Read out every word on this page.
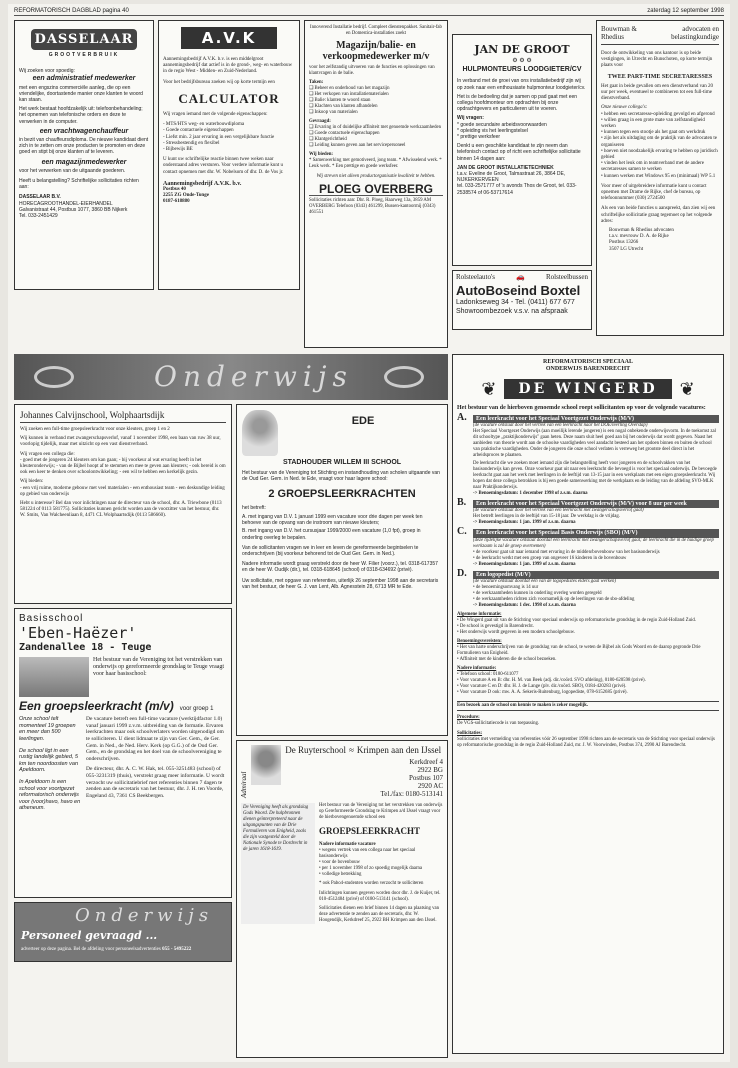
REFORMATORISCH DAGBLAD pagina 40	zaterdag 12 september 1998
DASSELAAR
GROOTVERBRUIK
Wij zoeken voor spoedig:
een administratief medewerker
met een engszins commerciële aanleg, die op een vriendelijke, doortastende manier onze klanten te woord kan staan.
Het werk bestaat hoofdzakelijk uit: telefoonbehandeling; het opnemen van telefonische orders en deze te verwerken in de computer.
een vrachtwagenchauffeur
in bezit van chauffeursdiploma. De nieuwe kandidaat dient zich in te zetten om onze producten te promoten en deze goed en stipt bij onze klanten af te leveren.
een magazijnmedewerker
voor het verwerken van de uitgaande goederen.
Heeft u belangstelling? Schriftelijke sollicitaties richten aan:
DASSELAAR B.V.
HORECAGROOTHANDEL-EIERHANDEL
Galvanistraat 44, Postbus 1077, 3860 BB Nijkerk
Tel. 033-2451429
A.V.K
Aannemingsbedrijf A.V.K. b.v. is een middelgroot aannemingsbedrijf dat actief is in de grond-, weg- en waterbouw in de regio West - Midden- en Zuid-Nederland.
Voor het bedrijfsbureau zoeken wij op korte termijn een
CALCULATOR
Wij vragen iemand met de volgende eigenschappen:
- MTS/HTS weg- en waterbouwdiploma
- Goede contactuele eigenschappen
- Liefst min. 2 jaar ervaring in een vergelijkbare functie
- Stressbestendig en flexibel
- Bijbewijs BE
U kunt uw schriftelijke reactie binnen twee weken naar onderstaand adres versturen. Voor verdere informatie kunt u contact opnemen met dhr. W. Nobelsom of dhr. D. de Vos jr.
Aannemingsbedrijf A.V.K. b.v.
Postbus 40
2255 ZG Onde-Tonge
0187-618880
Innoverend Installatie bedrijf. Compleet dienstenpakket. Sanitair-fab en Domestica-installaties zoekt
Magazijn/balie- en verkoopmedewerker m/v
voor het zelfstandig uitvoeren van de functies en oplossingen van klantvragen in de balie.
Taken:
❑ Beheer en onderhoud van het magazijn
❑ Het verkopen van installatiematerialen
❑ Balie: klanten te woord staan
❑ Klachten van klanten afhandelen
❑ Inkoop van materialen
Gevraagd:
❑ Ervaring in of duidelijke affiniteit met genoemde werkzaamheden
❑ Goede contactuele eigenschappen
❑ Klantgerichtheid
❑ Leiding kunnen geven aan het servicepersoneel
Wij bieden:
* Samenwerking met gemotiveerd, jong team. * Afwisselend werk. * Leuk werk. * Een prettige en goede werksfeer.
Wij streven niet alleen productorganisatie kwaliteit te hebben.
PLOEG OVERBERG
Sollicitaties richten aan: Dhr. R. Ploeg, Haarweg 13a, 3859 AM OVERBERG Telefoon (0343) 461299, Bussen-kantoormij (0343) 461551
JAN DE GROOT
⚙ ⚙ ⚙
HULPMONTEURS LOODGIETER/CV
In verband met de groei van ons installatiebedrijf zijn wij op zoek naar een enthousiaste hulpmonteur loodgieter/cv.
Het is de bedoeling dat je samen op pad gaat met een collega hoofdmonteur om opdrachten bij onze opdrachtgevers en particulieren uit te voeren.
Wij vragen:
* goede secundaire arbeidsvoorwaarden
* opleiding vis het leerlingstelsel
* prettige werksfeer
Denkt u een geschikte kandidaat te zijn neem dan telefonisch contact op of richt een schriftelijke sollicitatie binnen 14 dagen aan:
JAN DE GROOT INSTALLATIETECHNIEK
t.a.v. Eveline de Groot, Talmastraat 26, 3864 DE, NIJKERKERVEEN
tel. 033-2571777 of 's avonds Thos de Groot, tel. 033-2538574 of 06-53717614
Rolsteelauto's	🚗	Rolsteelbussen
AutoBoseind Boxtel
Ladonkseweg 34 - Tel. (0411) 677 677
Showroombezoek v.s.v. na afspraak
Bouwman &
Rhedius
advocaten en
belastingkundige
Door de ontwikkeling van ons kantoor is op beide vestigingen, in Utrecht en Bunschoten, op korte termijn plaats voor
TWEE PART-TIME SECRETARESSES
Het gaat in beide gevallen om een dienstverband van 20 uur per week, eventueel te combineren tot een full-time dienstverband.
Onze nieuwe collega's:
• hebben een secretaresse-opleiding gevolgd en afgerond
• willen graag in een grote mate van zelfstandigheid werken
• kunnen tegen een stootje als het gaat om werkdruk
• zijn het als uitdaging om de praktijk van de advocaten te organiseren
• hoeven niet noodzakelijk ervaring te hebben op juridisch gebied
• vinden het leuk om in teamverband met de andere secretaresses samen te werken
• kunnen werken met Windows 95 en (minimaal) WP 5.1
Voor meer of uitgebreidere informatie kunt u contact opnemen met Drame de Rijke, chef de bureau, op telefoonnummer (030) 2724500
Als een van beide functies u aanspreekt, dan zien wij een schriftelijke sollicitatie graag tegemoet op het volgende adres:
Bouwman & Rhedius advocaten
t.a.v. mevrouw D. A. de Rijke
Postbus 13266
3507 LG Utrecht
Onderwijs	REFORMATORISCH SPECIAAL
ONDERWIJS BARENDRECHT
❦	DE WINGERD	❦
Het bestuur van de hierboven genoemde school roept sollicitanten op voor de volgende vacatures:
A.	Een leerkracht voor het Speciaal Voortgezet Onderwijs (M/V)
(de vacature ontstaat door het vertrek van een leerkracht naar het DOE/leerling Overstap)
Het Speciaal Voortgezet Onderwijs (aan moeilijk lerende jongeren) is een nogal onbekende onderwijsvorm. In de toekomst zal dit schooltype „praktijkonderwijs" gaan heten. Deze naam sluit heel goed aan bij het onderwijs dat wordt gegeven. Naast het aanbieden van theorie wordt aan de schoolse vaardigheden veel aandacht besteed aan het opdoen binnen en buiten de school van praktische vaardigheden. Onder de jongeren die onze school verlaten is verreweg het grootste deel direct in het arbeidsproces te plaatsen.
De leerkracht die we zoeken moet iemand zijn die belangstelling heeft voor jongeren en de schoolvakken van het basisonderwijs kan geven. Onze voorkeur gaat uit naar een leerkracht die bevoegd is voor het speciaal onderwijs. De bevoegde leerkracht gaat aan het werk met leerlingen in de leeftijd van 13-15 jaar in een werkplaats met een eigen groepsleerkracht. Wij hopen dat deze collega betrokken is bij een goede samenwerking met de werkplaats en de leiding van de afdeling SVO-MLK naar Praktijkonderwijs.
-> Benoemingsdatum: 1 december 1998 of z.s.m. daarna
B.	Een leerkracht voor het Speciaal Voortgezet Onderwijs (M/V) voor 8 uur per week
(de vacature ontstaat door het vertrek van een leerkracht met zwangerschapsverlof gaat)
Het betreft leerlingen in de leeftijd van 15-18 jaar. De werkdag is de vrijdag.
-> Benoemingsdatum: 1 jan. 1999 of z.s.m. daarna
C.	Een leerkracht voor het Speciaal Basis Onderwijs (SBO) (M/V)
(deze tijdelijke vacature ontstaat doordat een leerkracht met zwangerschapsverlof gaat; de leerkracht die in de huidige groep werkzaam is zal de groep overnemen)
• de voorkeur gaat uit naar iemand met ervaring in de midden/bovenbouw van het basisonderwijs
• de leerkracht werkt met een groep van ongeveer 16 kinderen in de bovenbouw
-> Benoemingsdatum: 1 jan. 1999 of z.s.m. daarna
D.	Een logopedist (M/V)
(de vacature ontstaat doordat één van de logopedistes elders gaat werken)
• de benoemingsomvang is 14 uur
• de werkzaamheden kunnen in onderling overleg worden geregeld
• de werkzaamheden richten zich voornamelijk op de leerlingen van de sbo-afdeling
-> Benoemingsdatum: 1 dec. 1998 of z.s.m. daarna
Algemene informatie:
• De Wingerd gaat uit van de Stichting voor speciaal onderwijs op reformatorische grondslag in de regio Zuid-Holland Zuid.
• De school is gevestigd in Barendrecht.
• Het onderwijs wordt gegeven in een modern schoolgebouw.
Benoemingsvereisten:
• Het van harte onderschrijven van de grondslag van de school, te weten de Bijbel als Gods Woord en de daarop gegronde Drie Formulieren van Enigheid.
• Affiniteit met de kinderen die de school bezoeken.
Nadere informatie:
• Telefoon school: 0180-611077
• Voor vacature A en B: dhr. H. M. van Beek (adj. dir./coörd. SVO afdeling), 0180-620598 (privé).
• Voor vacature C en D: dhr. H. J. de Lange (plv. dir./coörd. SBO), 0184-420283 (privé).
• Voor vacature D ook: mw. A. A. Sekeris-Ruitenburg, logopediste, 078-6152685 (privé).
Een bezoek aan de school om kennis te maken is zeker mogelijk.
Procedure:
De VGS-sollicitatiecode is van toepassing.
Sollicitaties:
Sollicitaties met vermelding van referenties vóór 26 september 1998 richten aan de secretaris van de Stichting voor speciaal onderwijs op reformatorische grondslag in de regio Zuid-Holland Zuid, mr. J. W. Voorwinden, Postbus 374, 2990 AJ Barendrecht.
Johannes Calvijnschool, Wolphaartsdijk
Wij zoeken een full-time groepsleerkracht voor onze kleuters, groep 1 en 2
Wij kunnen in verband met zwangerschapsverlof, vanaf 1 november 1998, een baan van ruw 38 uur, voorlopig tijdelijk, maar met uitzicht op een vast dienstverband.
Wij vragen een collega die:
- goed met de jongeren 24 kleuters om kan gaan; - bij voorkeur al wat ervaring heeft in het kleuteronderwijs; - van de Bijbel hoopt af te stemmen en mee te geven aan kleuters; - ook bereid is om ook een keer te denken over schoolontwikkeling; - een wil te hebben een kerkelijk gezin.
Wij bieden:
- een vrij ruime, moderne gebouw met veel materialen - een enthousiast team - een deskundige leiding op gebied van onderwijs
Hebt u interesse? Bel dan voor inlichtingen naar de directeur van de school, dhr. A. Triewbone (0113 581224 of 0113 581775). Sollicitaties kunnen gericht worden aan de voorzitter van het bestuur, dhr. W. Smits, Van Walcheenliaan 8, 4471 CL Wolphaartsdijk (0113 586660).
Basisschool
'Eben-Haëzer'
Zandenallee 18 - Teuge
Het bestuur van de Vereniging tot het verstrekken van onderwijs op gereformeerde grondslag te Teuge vraagt voor haar basisschool:
Een groepsleerkracht (m/v) voor groep 1
Onze school telt momenteel 19 groepen en meer dan 500 leerlingen.
De school ligt in een rustig landelijk gebied, 5 km ten noordoosten van Apeldoorn.
In Apeldoorn is een school voor voortgezet reformatorisch onderwijs voor (voor)havo, havo en atheneum.
De vacature betreft een full-time vacature (werktijdfactor 1.0) vanaf januari 1999 z.v.m. uitbreiding van de formatie. Ervaren leerkrachten maar ook schoolverlaters worden uitgenodigd om te solliciteren. U dient lidmaat te zijn van Ger. Gem., de Ger. Gem. in Ned., de Ned. Herv. Kerk (op G.G.) of de Oud Ger. Gem., en de grondslag en het doel van de schoolvereniging te onderschrijven.
De directeur, dhr. A. C. W. Hak, tel. 055-3251483 (school) of 055-3231319 (thuis), verstrekt graag meer informatie. U wordt verzocht uw sollicitatiebrief met referenties binnen 7 dagen te zenden aan de secretaris van het bestuur, dhr. J. H. ten Voorde, Engeland 43, 7361 CS Beekbergen.
Onderwijs
Personeel gevraagd ...
adverteer op deze pagina. Bel de afdeling voor personeelsadvertenties 055 - 5495222
EDE
STADHOUDER WILLEM III SCHOOL
Het bestuur van de Vereniging tot Stichting en instandhouding van scholen uitgaande van de Oud Ger. Gem. in Ned. te Ede, vraagt voor haar lagere school:
2 GROEPSLEERKRACHTEN
het betreft:
A. met ingang van D.V. 1 januari 1999 een vacature voor drie dagen per week ten behoeve van de opvang van de instroom van nieuwe kleuters;
B. met ingang van D.V. het cursusjaar 1999/2000 een vacature (1,0 fpt), groep in onderling overleg te bepalen.
Van de sollicitanten vragen we in leer en leven de gereformeerde begintselen te onderschrijven (bij voorkeur behorend tot de Oud Ger. Gem. in Ned.).
Nadere informatie wordt graag verstrekt door de heer W. Filier (voorz.), tel. 0318-617357 en de heer W. Oudijk (dir.), tel. 0318-618645 (school) of 0318-634692 (privé).
Uw sollicitatie, met opgave van referenties, uiterlijk 26 september 1998 aan de secretaris van het bestuur, de heer G. J. van Lent, Alb. Agnesstein 28, 6713 MR te Ede.
Admiraal
De Ruyterschool ≈ Krimpen aan den IJssel
Kerkdreef 4
2922 BG
Postbus 107
2920 AC
Tel./fax: 0180-513141
De Vereniging heeft als grondslag Gods Woord. De hulpbronnen dienen geïnterpreteerd naar de uitgangspunten van de Drie Formulieren van Enigheid, zoals die zijn vastgesteld door de Nationale Synode te Dordrecht in de jaren 1618-1619.
Het bestuur van de Vereniging tot het verstrekken van onderwijs op Gereformeerde Grondslag te Krimpen a/d IJssel vraagt voor de hierbovengenoemde school een
GROEPSLEERKRACHT
Nadere informatie vacature
• wegens vertrek van een collega naar het speciaal basisonderwijs
• voor de bovenbouw
• per 1 november 1998 of zo spoedig mogelijk daarna
• volledige betrekking
* ook Pabo4-studenten worden verzocht te solliciteren
Inlichtingen kunnen gegeven worden door dhr. J. de Kuijer, tel. 010-4512484 (privé) of 0180-513141 (school).
Sollicitaties dienen een brief binnen 14 dagen na plaatsing van deze advertentie te zenden aan de secretaris, dhr. W. Hoogendijk, Kerkdreef 25, 2922 BH Krimpen aan den IJssel.
